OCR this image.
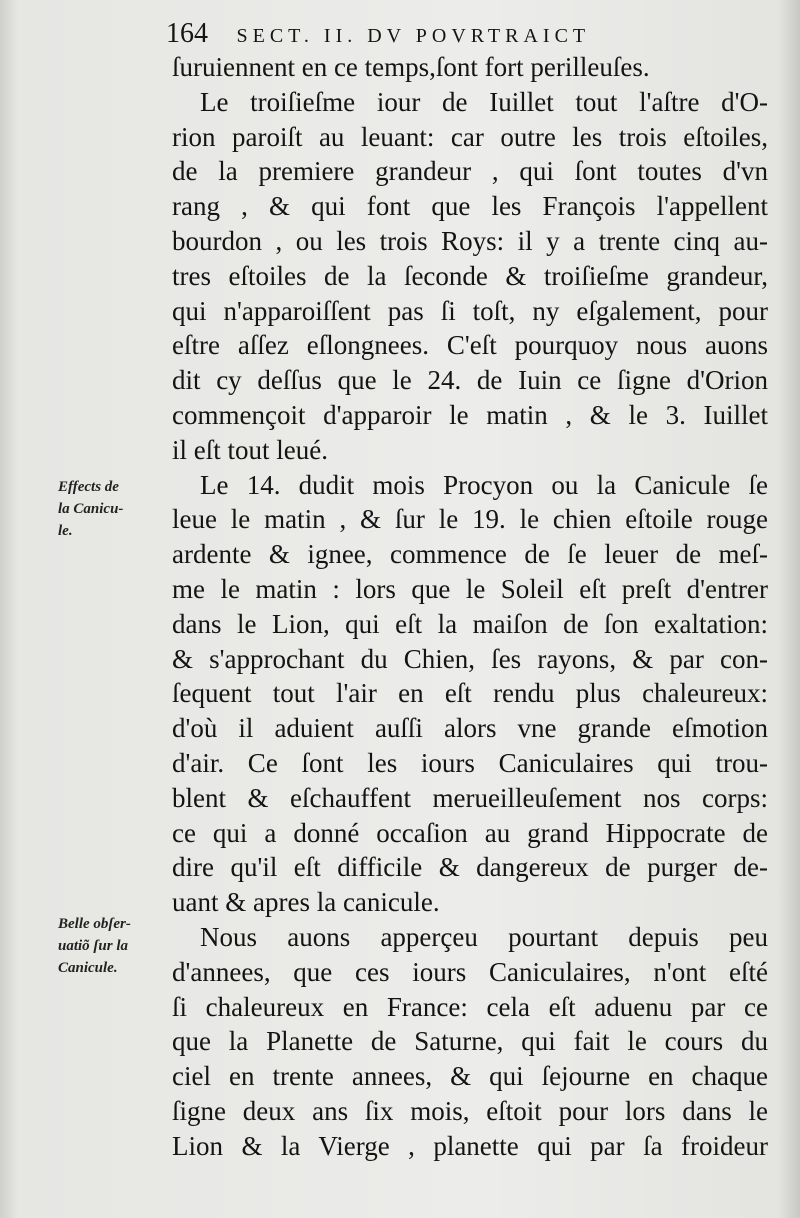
164 SECT. II. DV POVRTRAICT
ſuruiennent en ce temps,ſont fort perilleuſes.
Le troiſieſme iour de Iuillet tout l'aſtre d'O-
rion paroiſt au leuant: car outre les trois eſtoiles,
de la premiere grandeur , qui ſont toutes d'vn
rang , & qui font que les François l'appellent
bourdon , ou les trois Roys: il y a trente cinq au-
tres eſtoiles de la ſeconde & troiſieſme grandeur,
qui n'apparoiſſent pas ſi toſt, ny eſgalement, pour
eſtre aſſez eſlongnees. C'eſt pourquoy nous auons
dit cy deſſus que le 24. de Iuin ce ſigne d'Orion
commençoit d'apparoir le matin , & le 3. Iuillet
il eſt tout leué.
Le 14. dudit mois Procyon ou la Canicule ſe
leue le matin , & ſur le 19. le chien eſtoile rouge
ardente & ignee, commence de ſe leuer de meſ-
me le matin : lors que le Soleil eſt preſt d'entrer
dans le Lion, qui eſt la maiſon de ſon exaltation:
& s'approchant du Chien, ſes rayons, & par con-
ſequent tout l'air en eſt rendu plus chaleureux:
d'où il aduient auſſi alors vne grande eſmotion
d'air. Ce ſont les iours Caniculaires qui trou-
blent & eſchauffent merueilleuſement nos corps:
ce qui a donné occaſion au grand Hippocrate de
dire qu'il eſt difficile & dangereux de purger de-
uant & apres la canicule.
Nous auons apperçeu pourtant depuis peu
d'annees, que ces iours Caniculaires, n'ont eſté
ſi chaleureux en France: cela eſt aduenu par ce
que la Planette de Saturne, qui fait le cours du
ciel en trente annees, & qui ſejourne en chaque
ſigne deux ans ſix mois, eſtoit pour lors dans le
Lion & la Vierge , planette qui par ſa froideur
Effects de
la Canicu-
le.
Belle obſer-
uatiõ ſur la
Canicule.
